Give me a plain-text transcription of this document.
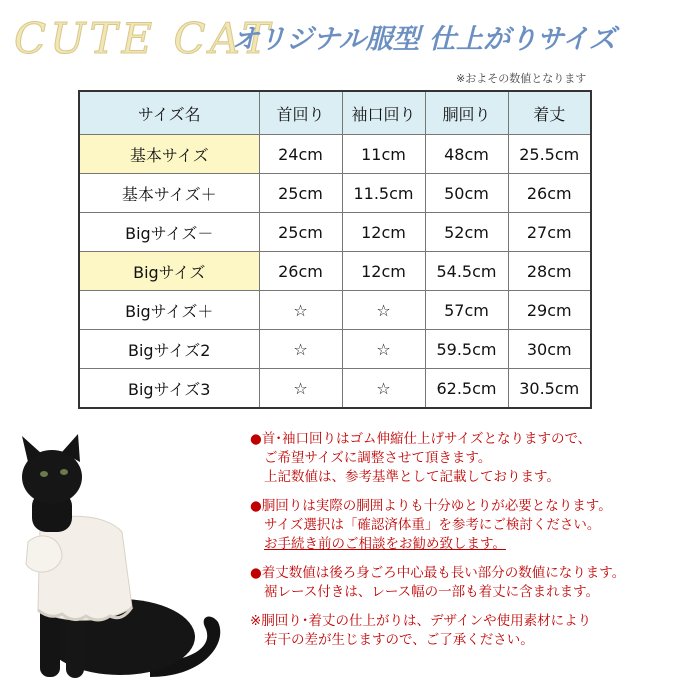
CUTE CAT
オリジナル服型 仕上がりサイズ
※およその数値となります
サイズ名	首回り	袖口回り	胴回り	着丈
基本サイズ	24cm	11cm	48cm	25.5cm
基本サイズ＋	25cm	11.5cm	50cm	26cm
Bigサイズ－	25cm	12cm	52cm	27cm
Bigサイズ	26cm	12cm	54.5cm	28cm
Bigサイズ＋	☆	☆	57cm	29cm
Bigサイズ2	☆	☆	59.5cm	30cm
Bigサイズ3	☆	☆	62.5cm	30.5cm

●首･袖口回りはゴム伸縮仕上げサイズとなりますので、
ご希望サイズに調整させて頂きます。
上記数値は、参考基準として記載しております。

●胴回りは実際の胴囲よりも十分ゆとりが必要となります。
サイズ選択は「確認済体重」を参考にご検討ください。
お手続き前のご相談をお勧め致します。

●着丈数値は後ろ身ごろ中心最も長い部分の数値になります。
裾レース付きは、レース幅の一部も着丈に含まれます。

※胴回り･着丈の仕上がりは、デザインや使用素材により
若干の差が生じますので、ご了承ください。
